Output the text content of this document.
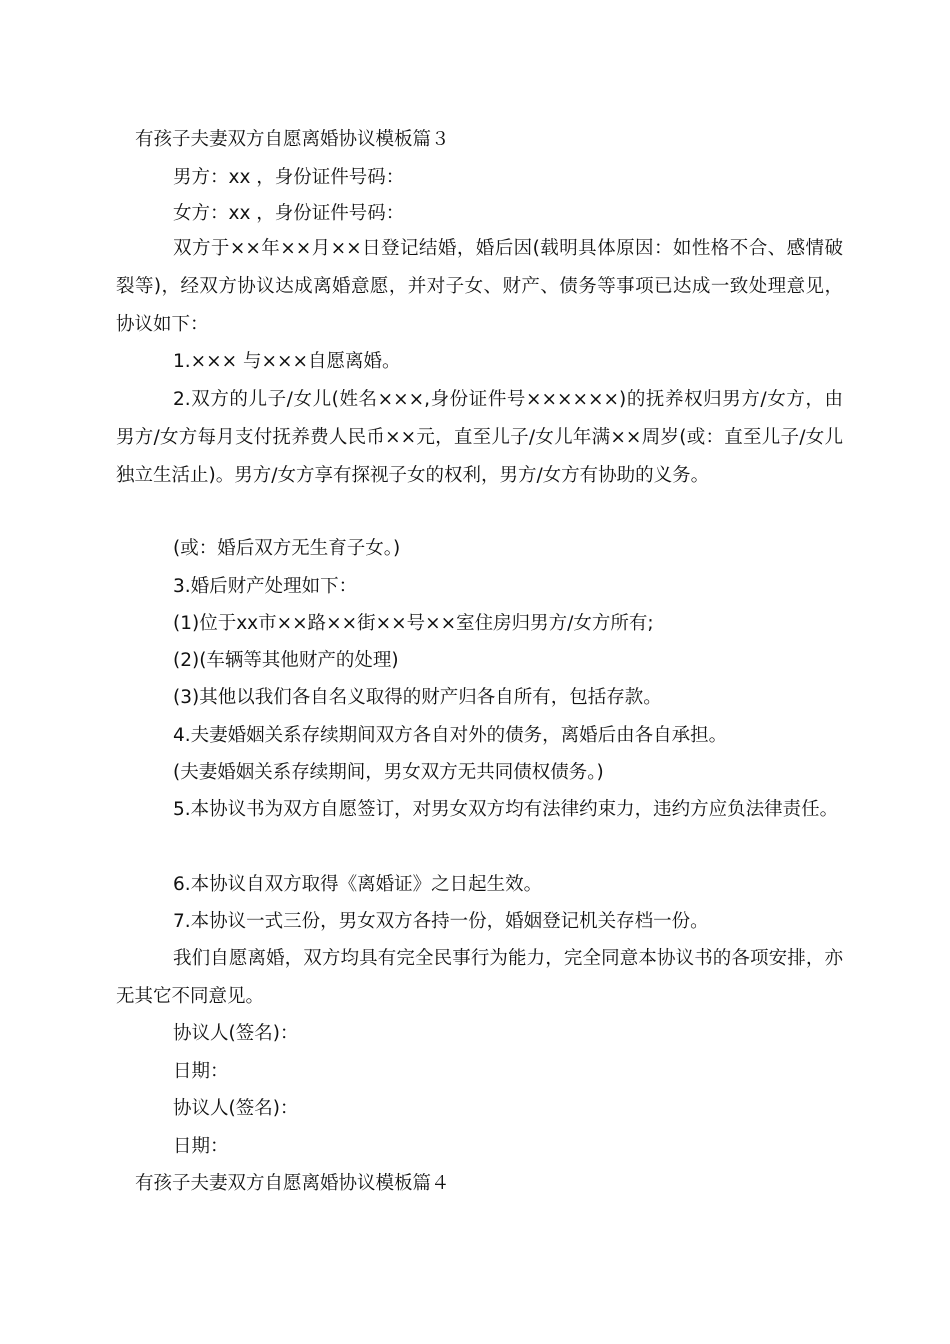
有孩子夫妻双方自愿离婚协议模板篇３
男方：xx ，身份证件号码：
女方：xx ，身份证件号码：
双方于××年××月××日登记结婚，婚后因(载明具体原因：如性格不合、感情破裂等)，经双方协议达成离婚意愿，并对子女、财产、债务等事项已达成一致处理意见，协议如下：
1.××× 与×××自愿离婚。
2.双方的儿子/女儿(姓名×××,身份证件号××××××)的抚养权归男方/女方，由男方/女方每月支付抚养费人民币××元，直至儿子/女儿年满××周岁(或：直至儿子/女儿独立生活止)。男方/女方享有探视子女的权利，男方/女方有协助的义务。
(或：婚后双方无生育子女。)
3.婚后财产处理如下：
(1)位于xx市××路××街××号××室住房归男方/女方所有;
(2)(车辆等其他财产的处理)
(3)其他以我们各自名义取得的财产归各自所有，包括存款。
4.夫妻婚姻关系存续期间双方各自对外的债务，离婚后由各自承担。
(夫妻婚姻关系存续期间，男女双方无共同债权债务。)
5.本协议书为双方自愿签订，对男女双方均有法律约束力，违约方应负法律责任。
6.本协议自双方取得《离婚证》之日起生效。
7.本协议一式三份，男女双方各持一份，婚姻登记机关存档一份。
我们自愿离婚，双方均具有完全民事行为能力，完全同意本协议书的各项安排，亦无其它不同意见。
协议人(签名)：
日期：
协议人(签名)：
日期：
有孩子夫妻双方自愿离婚协议模板篇４
